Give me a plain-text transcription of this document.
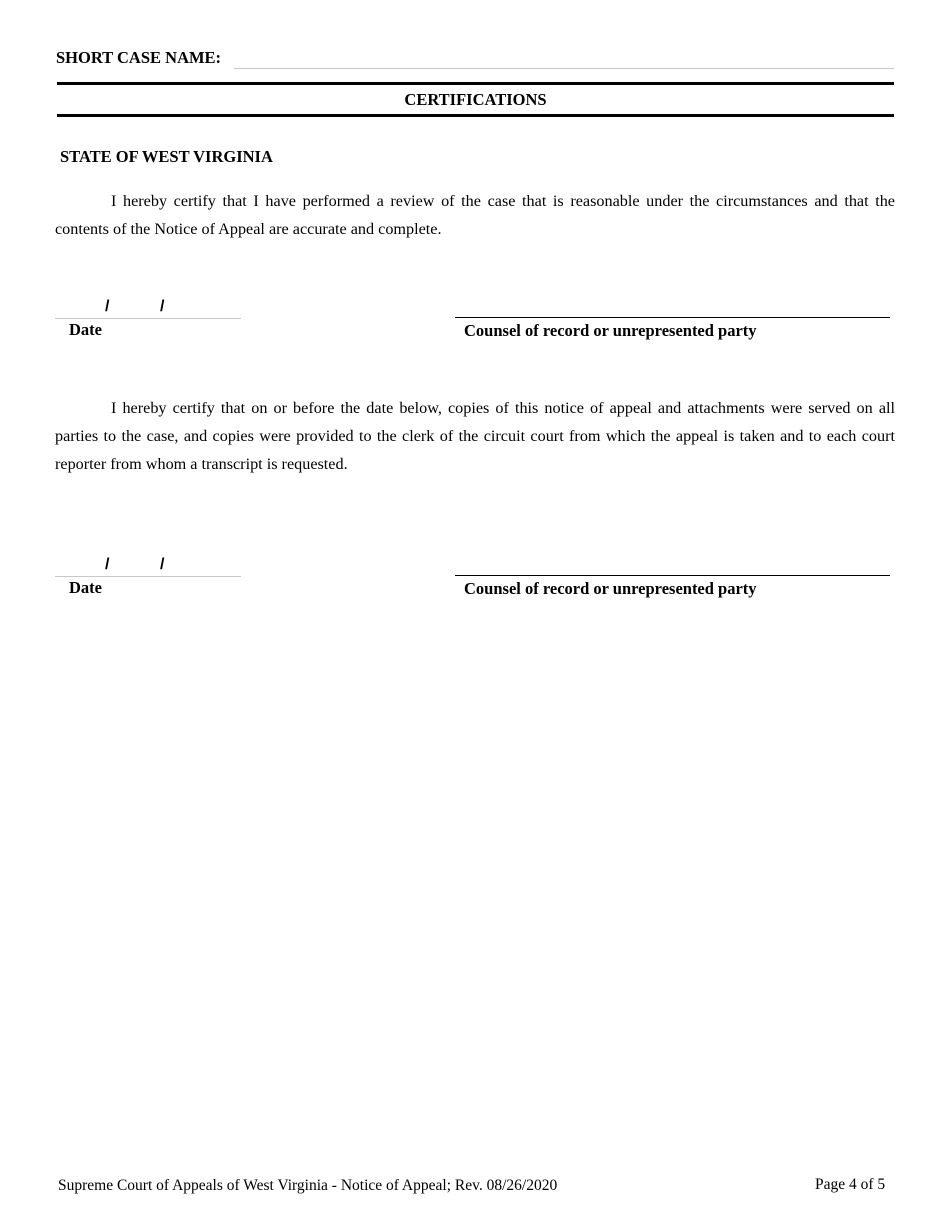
SHORT CASE NAME:
CERTIFICATIONS
STATE OF WEST VIRGINIA

I hereby certify that I have performed a review of the case that is reasonable under the circumstances and that the contents of the Notice of Appeal are accurate and complete.

/	/
Date	Counsel of record or unrepresented party

I hereby certify that on or before the date below, copies of this notice of appeal and attachments were served on all parties to the case, and copies were provided to the clerk of the circuit court from which the appeal is taken and to each court reporter from whom a transcript is requested.

/	/
Date	Counsel of record or unrepresented party
Supreme Court of Appeals of West Virginia - Notice of Appeal; Rev. 08/26/2020	Page 4 of 5
